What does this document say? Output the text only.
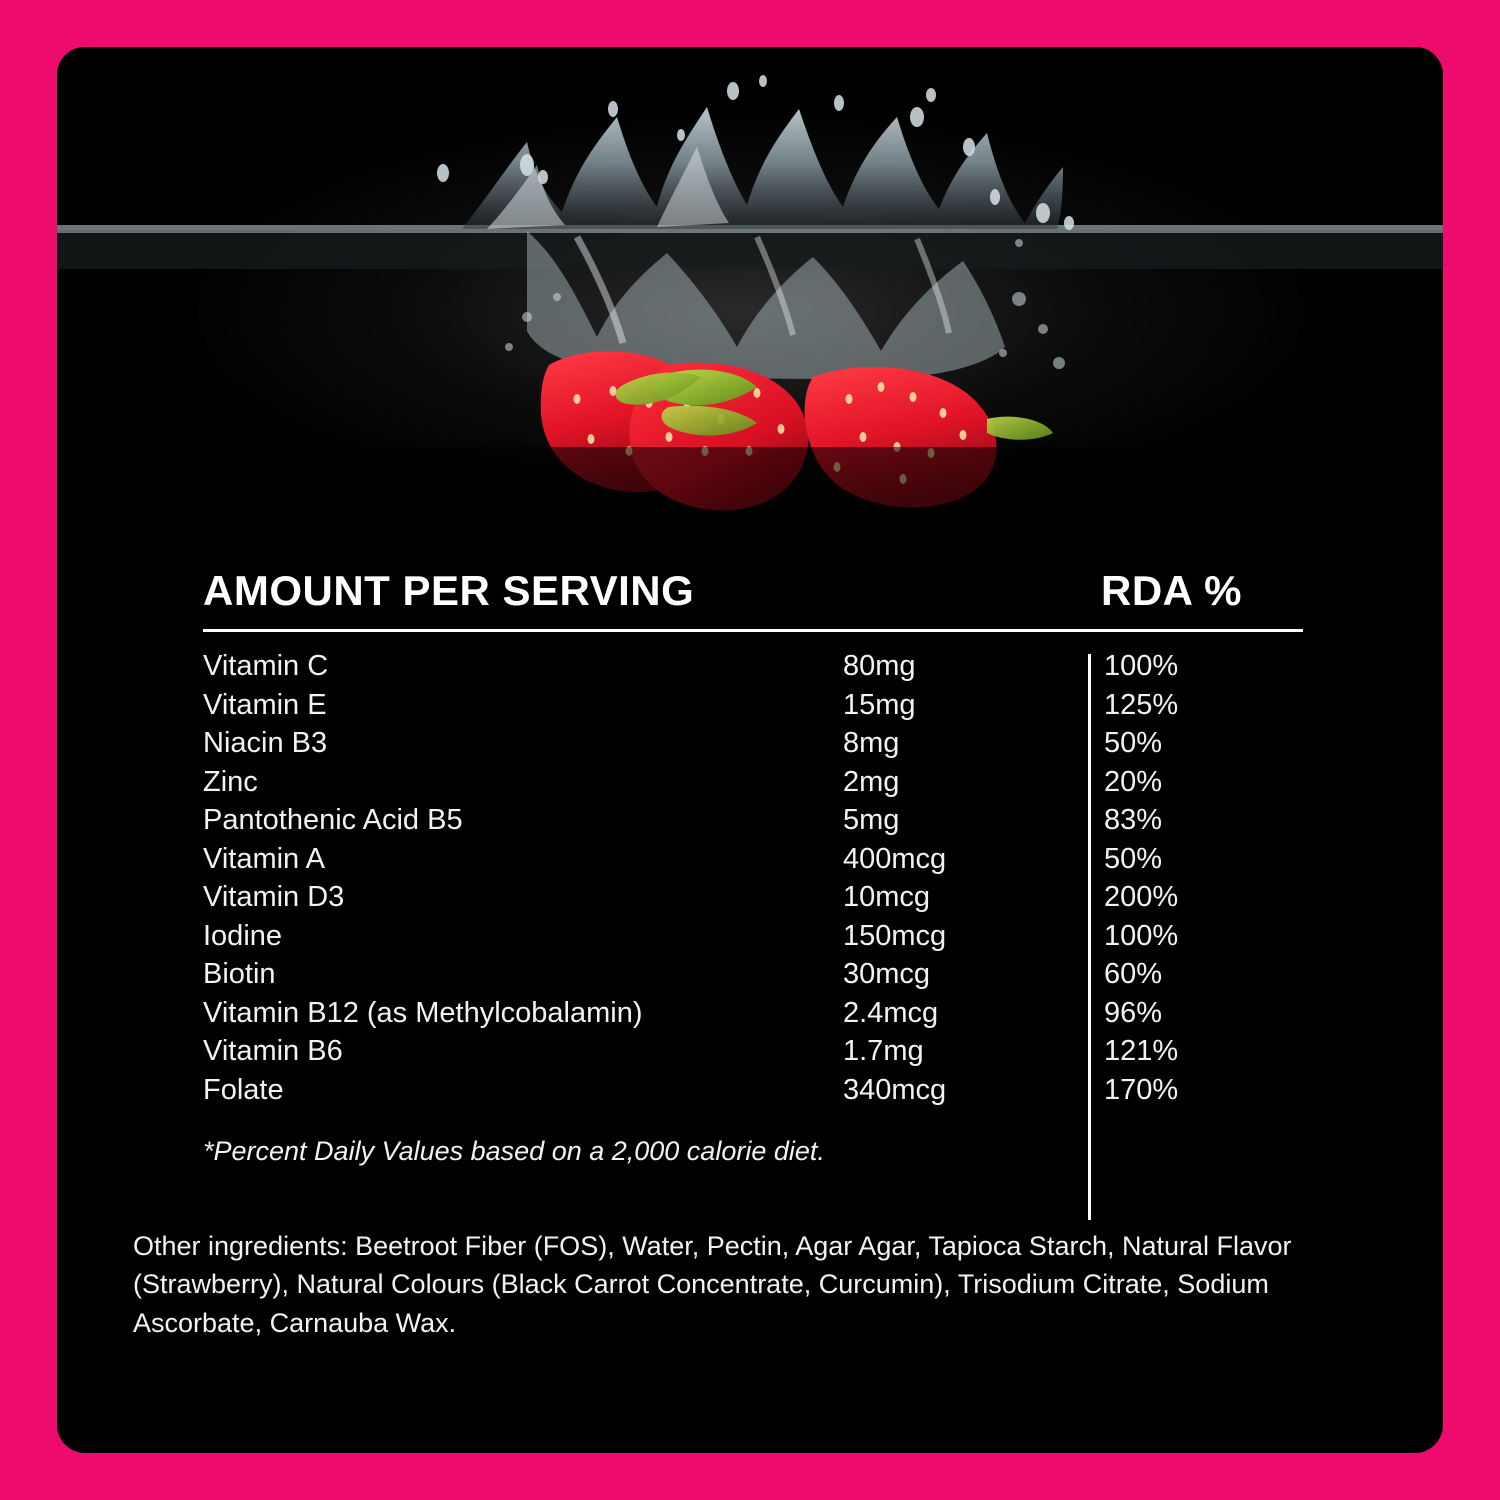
AMOUNT PER SERVING	RDA %
Vitamin C	80mg	100%
Vitamin E	15mg	125%
Niacin B3	8mg	50%
Zinc	2mg	20%
Pantothenic Acid B5	5mg	83%
Vitamin A	400mcg	50%
Vitamin D3	10mcg	200%
Iodine	150mcg	100%
Biotin	30mcg	60%
Vitamin B12 (as Methylcobalamin)	2.4mcg	96%
Vitamin B6	1.7mg	121%
Folate	340mcg	170%
*Percent Daily Values based on a 2,000 calorie diet.
Other ingredients: Beetroot Fiber (FOS), Water, Pectin, Agar Agar, Tapioca Starch, Natural Flavor (Strawberry), Natural Colours (Black Carrot Concentrate, Curcumin), Trisodium Citrate, Sodium Ascorbate, Carnauba Wax.
